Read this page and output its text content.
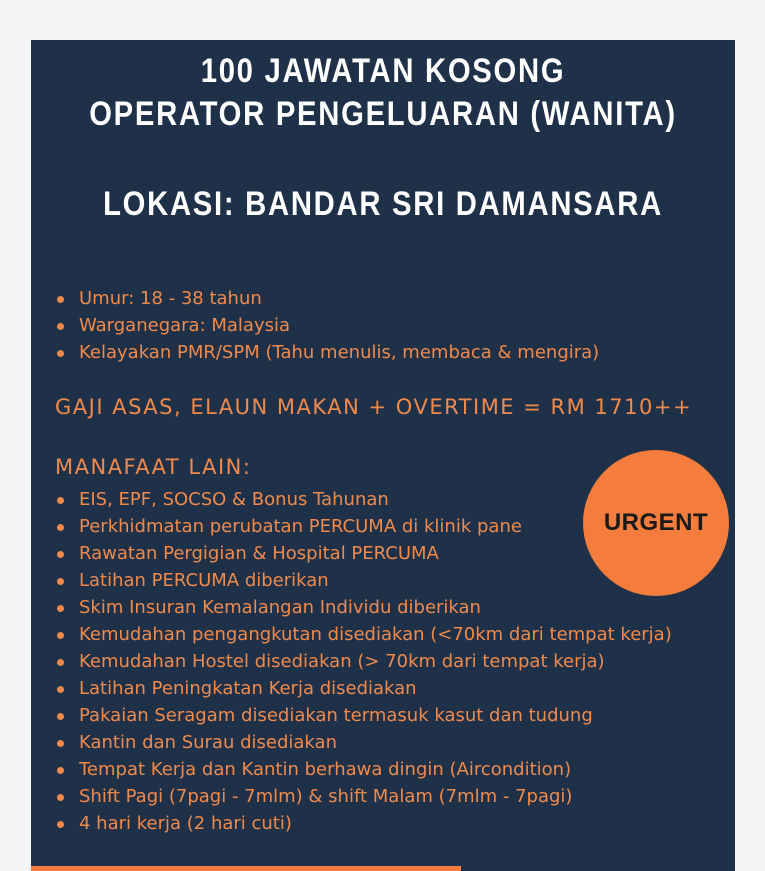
100 JAWATAN KOSONG
OPERATOR PENGELUARAN (WANITA)
LOKASI: BANDAR SRI DAMANSARA
Umur: 18 - 38 tahun
Warganegara: Malaysia
Kelayakan PMR/SPM (Tahu menulis, membaca & mengira)
GAJI ASAS, ELAUN MAKAN + OVERTIME = RM 1710++
MANAFAAT LAIN:
EIS, EPF, SOCSO & Bonus Tahunan
Perkhidmatan perubatan PERCUMA di klinik pane
Rawatan Pergigian & Hospital PERCUMA
Latihan PERCUMA diberikan
Skim Insuran Kemalangan Individu diberikan
Kemudahan pengangkutan disediakan (<70km dari tempat kerja)
Kemudahan Hostel disediakan (> 70km dari tempat kerja)
Latihan Peningkatan Kerja disediakan
Pakaian Seragam disediakan termasuk kasut dan tudung
Kantin dan Surau disediakan
Tempat Kerja dan Kantin berhawa dingin (Aircondition)
Shift Pagi (7pagi - 7mlm) & shift Malam (7mlm - 7pagi)
4 hari kerja (2 hari cuti)
URGENT
